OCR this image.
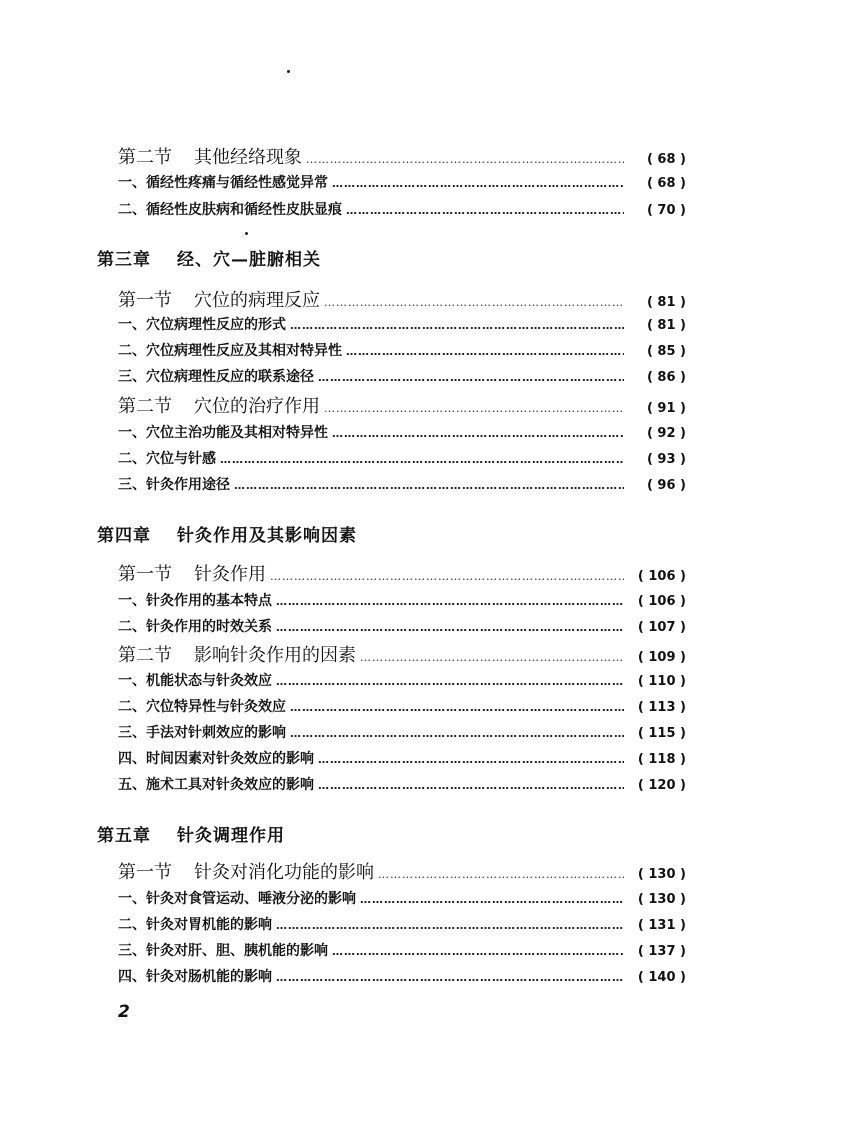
第二节 其他经络现象 …………………………………………………………………………………………………………………………………………………………………	( 68 )
一、循经性疼痛与循经性感觉异常 …………………………………………………………………………………………………………………………………………………………………	( 68 )
二、循经性皮肤病和循经性皮肤显痕 …………………………………………………………………………………………………………………………………………………………………	( 70 )
第三章 经、穴—脏腑相关
第一节 穴位的病理反应 …………………………………………………………………………………………………………………………………………………………………	( 81 )
一、穴位病理性反应的形式 …………………………………………………………………………………………………………………………………………………………………	( 81 )
二、穴位病理性反应及其相对特异性 …………………………………………………………………………………………………………………………………………………………………	( 85 )
三、穴位病理性反应的联系途径 …………………………………………………………………………………………………………………………………………………………………	( 86 )
第二节 穴位的治疗作用 …………………………………………………………………………………………………………………………………………………………………	( 91 )
一、穴位主治功能及其相对特异性 …………………………………………………………………………………………………………………………………………………………………	( 92 )
二、穴位与针感 …………………………………………………………………………………………………………………………………………………………………	( 93 )
三、针灸作用途径 …………………………………………………………………………………………………………………………………………………………………	( 96 )
第四章 针灸作用及其影响因素
第一节 针灸作用 …………………………………………………………………………………………………………………………………………………………………	( 106 )
一、针灸作用的基本特点 …………………………………………………………………………………………………………………………………………………………………	( 106 )
二、针灸作用的时效关系 …………………………………………………………………………………………………………………………………………………………………	( 107 )
第二节 影响针灸作用的因素 …………………………………………………………………………………………………………………………………………………………………	( 109 )
一、机能状态与针灸效应 …………………………………………………………………………………………………………………………………………………………………	( 110 )
二、穴位特异性与针灸效应 …………………………………………………………………………………………………………………………………………………………………	( 113 )
三、手法对针刺效应的影响 …………………………………………………………………………………………………………………………………………………………………	( 115 )
四、时间因素对针灸效应的影响 …………………………………………………………………………………………………………………………………………………………………	( 118 )
五、施术工具对针灸效应的影响 …………………………………………………………………………………………………………………………………………………………………	( 120 )
第五章 针灸调理作用
第一节 针灸对消化功能的影响 …………………………………………………………………………………………………………………………………………………………………	( 130 )
一、针灸对食管运动、唾液分泌的影响 …………………………………………………………………………………………………………………………………………………………………	( 130 )
二、针灸对胃机能的影响 …………………………………………………………………………………………………………………………………………………………………	( 131 )
三、针灸对肝、胆、胰机能的影响 …………………………………………………………………………………………………………………………………………………………………	( 137 )
四、针灸对肠机能的影响 …………………………………………………………………………………………………………………………………………………………………	( 140 )
2
